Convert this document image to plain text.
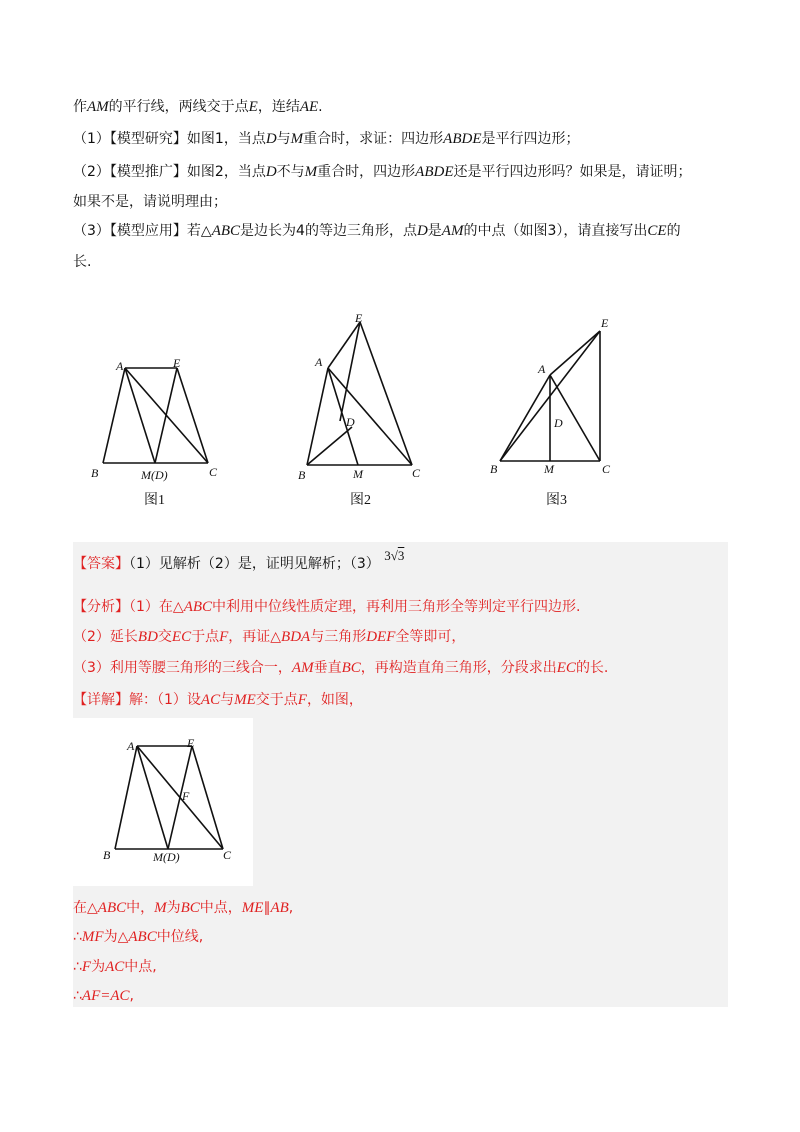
作AM的平行线，两线交于点E，连结AE.
（1）【模型研究】如图1，当点D与M重合时，求证：四边形ABDE是平行四边形；
（2）【模型推广】如图2，当点D不与M重合时，四边形ABDE还是平行四边形吗？如果是，请证明；
如果不是，请说明理由；
（3）【模型应用】若△ABC是边长为4的等边三角形，点D是AM的中点（如图3），请直接写出CE的
长.
A	E
B	M(D)	C
图1
E
A
D
B	M	C
图2
E
A
D
B	M	C
图3
【答案】（1）见解析（2）是，证明见解析；（3） 3√3
【分析】（1）在△ABC中利用中位线性质定理，再利用三角形全等判定平行四边形.
（2）延长BD交EC于点F，再证△BDA与三角形DEF全等即可，
（3）利用等腰三角形的三线合一，AM垂直BC，再构造直角三角形，分段求出EC的长.
【详解】解：（1）设AC与ME交于点F，如图，
A	E
F
B	M(D)	C
在△ABC中，M为BC中点，ME∥AB,
∴MF为△ABC中位线,
∴F为AC中点,
∴AF=AC,
